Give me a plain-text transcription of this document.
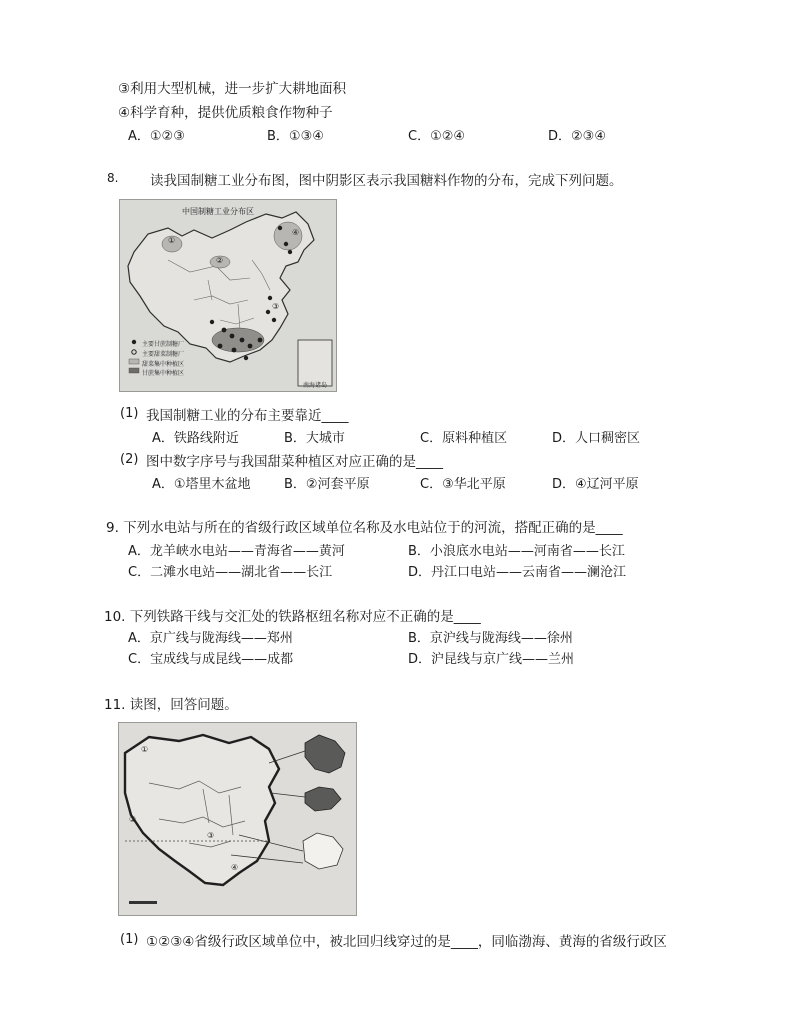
③利用大型机械，进一步扩大耕地面积
④科学育种，提供优质粮食作物种子
A．①②③	B．①③④	C．①②④	D．②③④
8. 读我国制糖工业分布图，图中阴影区表示我国糖料作物的分布，完成下列问题。
中国制糖工业分布区
①
②
③
④
主要甘蔗制糖厂
主要甜菜制糖厂
甜菜集中种植区
甘蔗集中种植区
南海诸岛
(1) 我国制糖工业的分布主要靠近____
A．铁路线附近	B．大城市	C．原料种植区	D．人口稠密区
(2) 图中数字序号与我国甜菜种植区对应正确的是____
A．①塔里木盆地	B．②河套平原	C．③华北平原	D．④辽河平原
9. 下列水电站与所在的省级行政区域单位名称及水电站位于的河流，搭配正确的是____
A．龙羊峡水电站——青海省——黄河	B．小浪底水电站——河南省——长江
C．二滩水电站——湖北省——长江	D．丹江口电站——云南省——澜沧江
10. 下列铁路干线与交汇处的铁路枢纽名称对应不正确的是____
A．京广线与陇海线——郑州	B．京沪线与陇海线——徐州
C．宝成线与成昆线——成都	D．沪昆线与京广线——兰州
11. 读图，回答问题。
①
②
③
④
(1) ①②③④省级行政区域单位中，被北回归线穿过的是____，同临渤海、黄海的省级行政区
